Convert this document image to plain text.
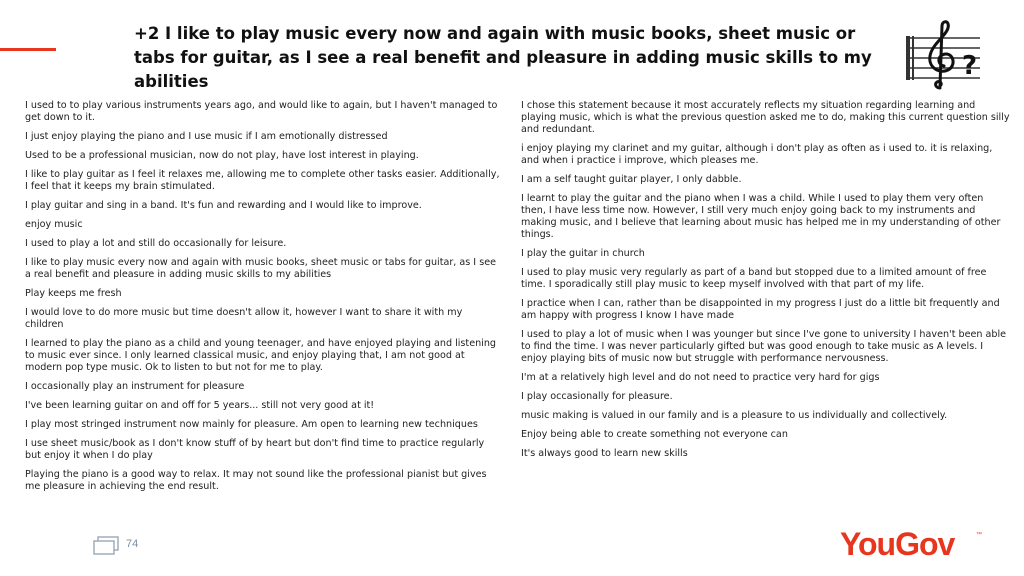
+2 I like to play music every now and again with music books, sheet music or tabs for guitar, as I see a real benefit and pleasure in adding music skills to my abilities
?

I used to to play various instruments years ago, and would like to again, but I haven't managed to get down to it.

I just enjoy playing the piano and I use music if I am emotionally distressed

Used to be a professional musician, now do not play, have lost interest in playing.

I like to play guitar as I feel it relaxes me, allowing me to complete other tasks easier. Additionally, I feel that it keeps my brain stimulated.

I play guitar and sing in a band. It's fun and rewarding and I would like to improve.

enjoy music

I used to play a lot and still do occasionally for leisure.

I like to play music every now and again with music books, sheet music or tabs for guitar, as I see a real benefit and pleasure in adding music skills to my abilities

Play keeps me fresh

I would love to do more music but time doesn't allow it, however I want to share it with my children

I learned to play the piano as a child and young teenager, and have enjoyed playing and listening to music ever since. I only learned classical music, and enjoy playing that, I am not good at modern pop type music. Ok to listen to but not for me to play.

I occasionally play an instrument for pleasure

I've been learning guitar on and off for 5 years... still not very good at it!

I play most stringed instrument now mainly for pleasure. Am open to learning new techniques

I use sheet music/book as I don't know stuff of by heart but don't find time to practice regularly but enjoy it when I do play

Playing the piano is a good way to relax. It may not sound like the professional pianist but gives me pleasure in achieving the end result.

I chose this statement because it most accurately reflects my situation regarding learning and playing music, which is what the previous question asked me to do, making this current question silly and redundant.

i enjoy playing my clarinet and my guitar, although i don't play as often as i used to. it is relaxing, and when i practice i improve, which pleases me.

I am a self taught guitar player, I only dabble.

I learnt to play the guitar and the piano when I was a child. While I used to play them very often then, I have less time now. However, I still very much enjoy going back to my instruments and making music, and I believe that learning about music has helped me in my understanding of other things.

I play the guitar in church

I used to play music very regularly as part of a band but stopped due to a limited amount of free time. I sporadically still play music to keep myself involved with that part of my life.

I practice when I can, rather than be disappointed in my progress I just do a little bit frequently and am happy with progress I know I have made

I used to play a lot of music when I was younger but since I've gone to university I haven't been able to find the time. I was never particularly gifted but was good enough to take music as A levels. I enjoy playing bits of music now but struggle with performance nervousness.

I'm at a relatively high level and do not need to practice very hard for gigs

I play occasionally for pleasure.

music making is valued in our family and is a pleasure to us individually and collectively.

Enjoy being able to create something not everyone can

It's always good to learn new skills

74	YouGov	™
